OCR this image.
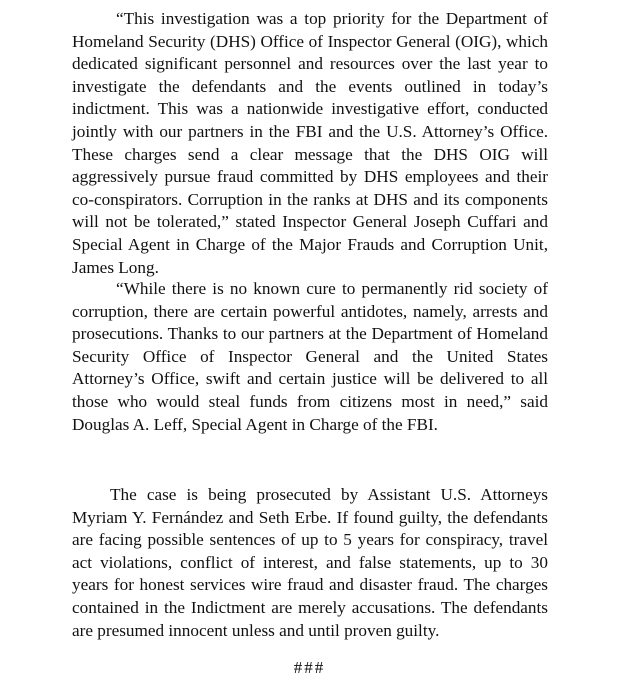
“This investigation was a top priority for the Department of Homeland Security (DHS) Office of Inspector General (OIG), which dedicated significant personnel and resources over the last year to investigate the defendants and the events outlined in today’s indictment. This was a nationwide investigative effort, conducted jointly with our partners in the FBI and the U.S. Attorney’s Office. These charges send a clear message that the DHS OIG will aggressively pursue fraud committed by DHS employees and their co-conspirators. Corruption in the ranks at DHS and its components will not be tolerated,” stated Inspector General Joseph Cuffari and Special Agent in Charge of the Major Frauds and Corruption Unit, James Long.

“While there is no known cure to permanently rid society of corruption, there are certain powerful antidotes, namely, arrests and prosecutions. Thanks to our partners at the Department of Homeland Security Office of Inspector General and the United States Attorney’s Office, swift and certain justice will be delivered to all those who would steal funds from citizens most in need,” said Douglas A. Leff, Special Agent in Charge of the FBI.

The case is being prosecuted by Assistant U.S. Attorneys Myriam Y. Fernández and Seth Erbe. If found guilty, the defendants are facing possible sentences of up to 5 years for conspiracy, travel act violations, conflict of interest, and false statements, up to 30 years for honest services wire fraud and disaster fraud. The charges contained in the Indictment are merely accusations. The defendants are presumed innocent unless and until proven guilty.

###
